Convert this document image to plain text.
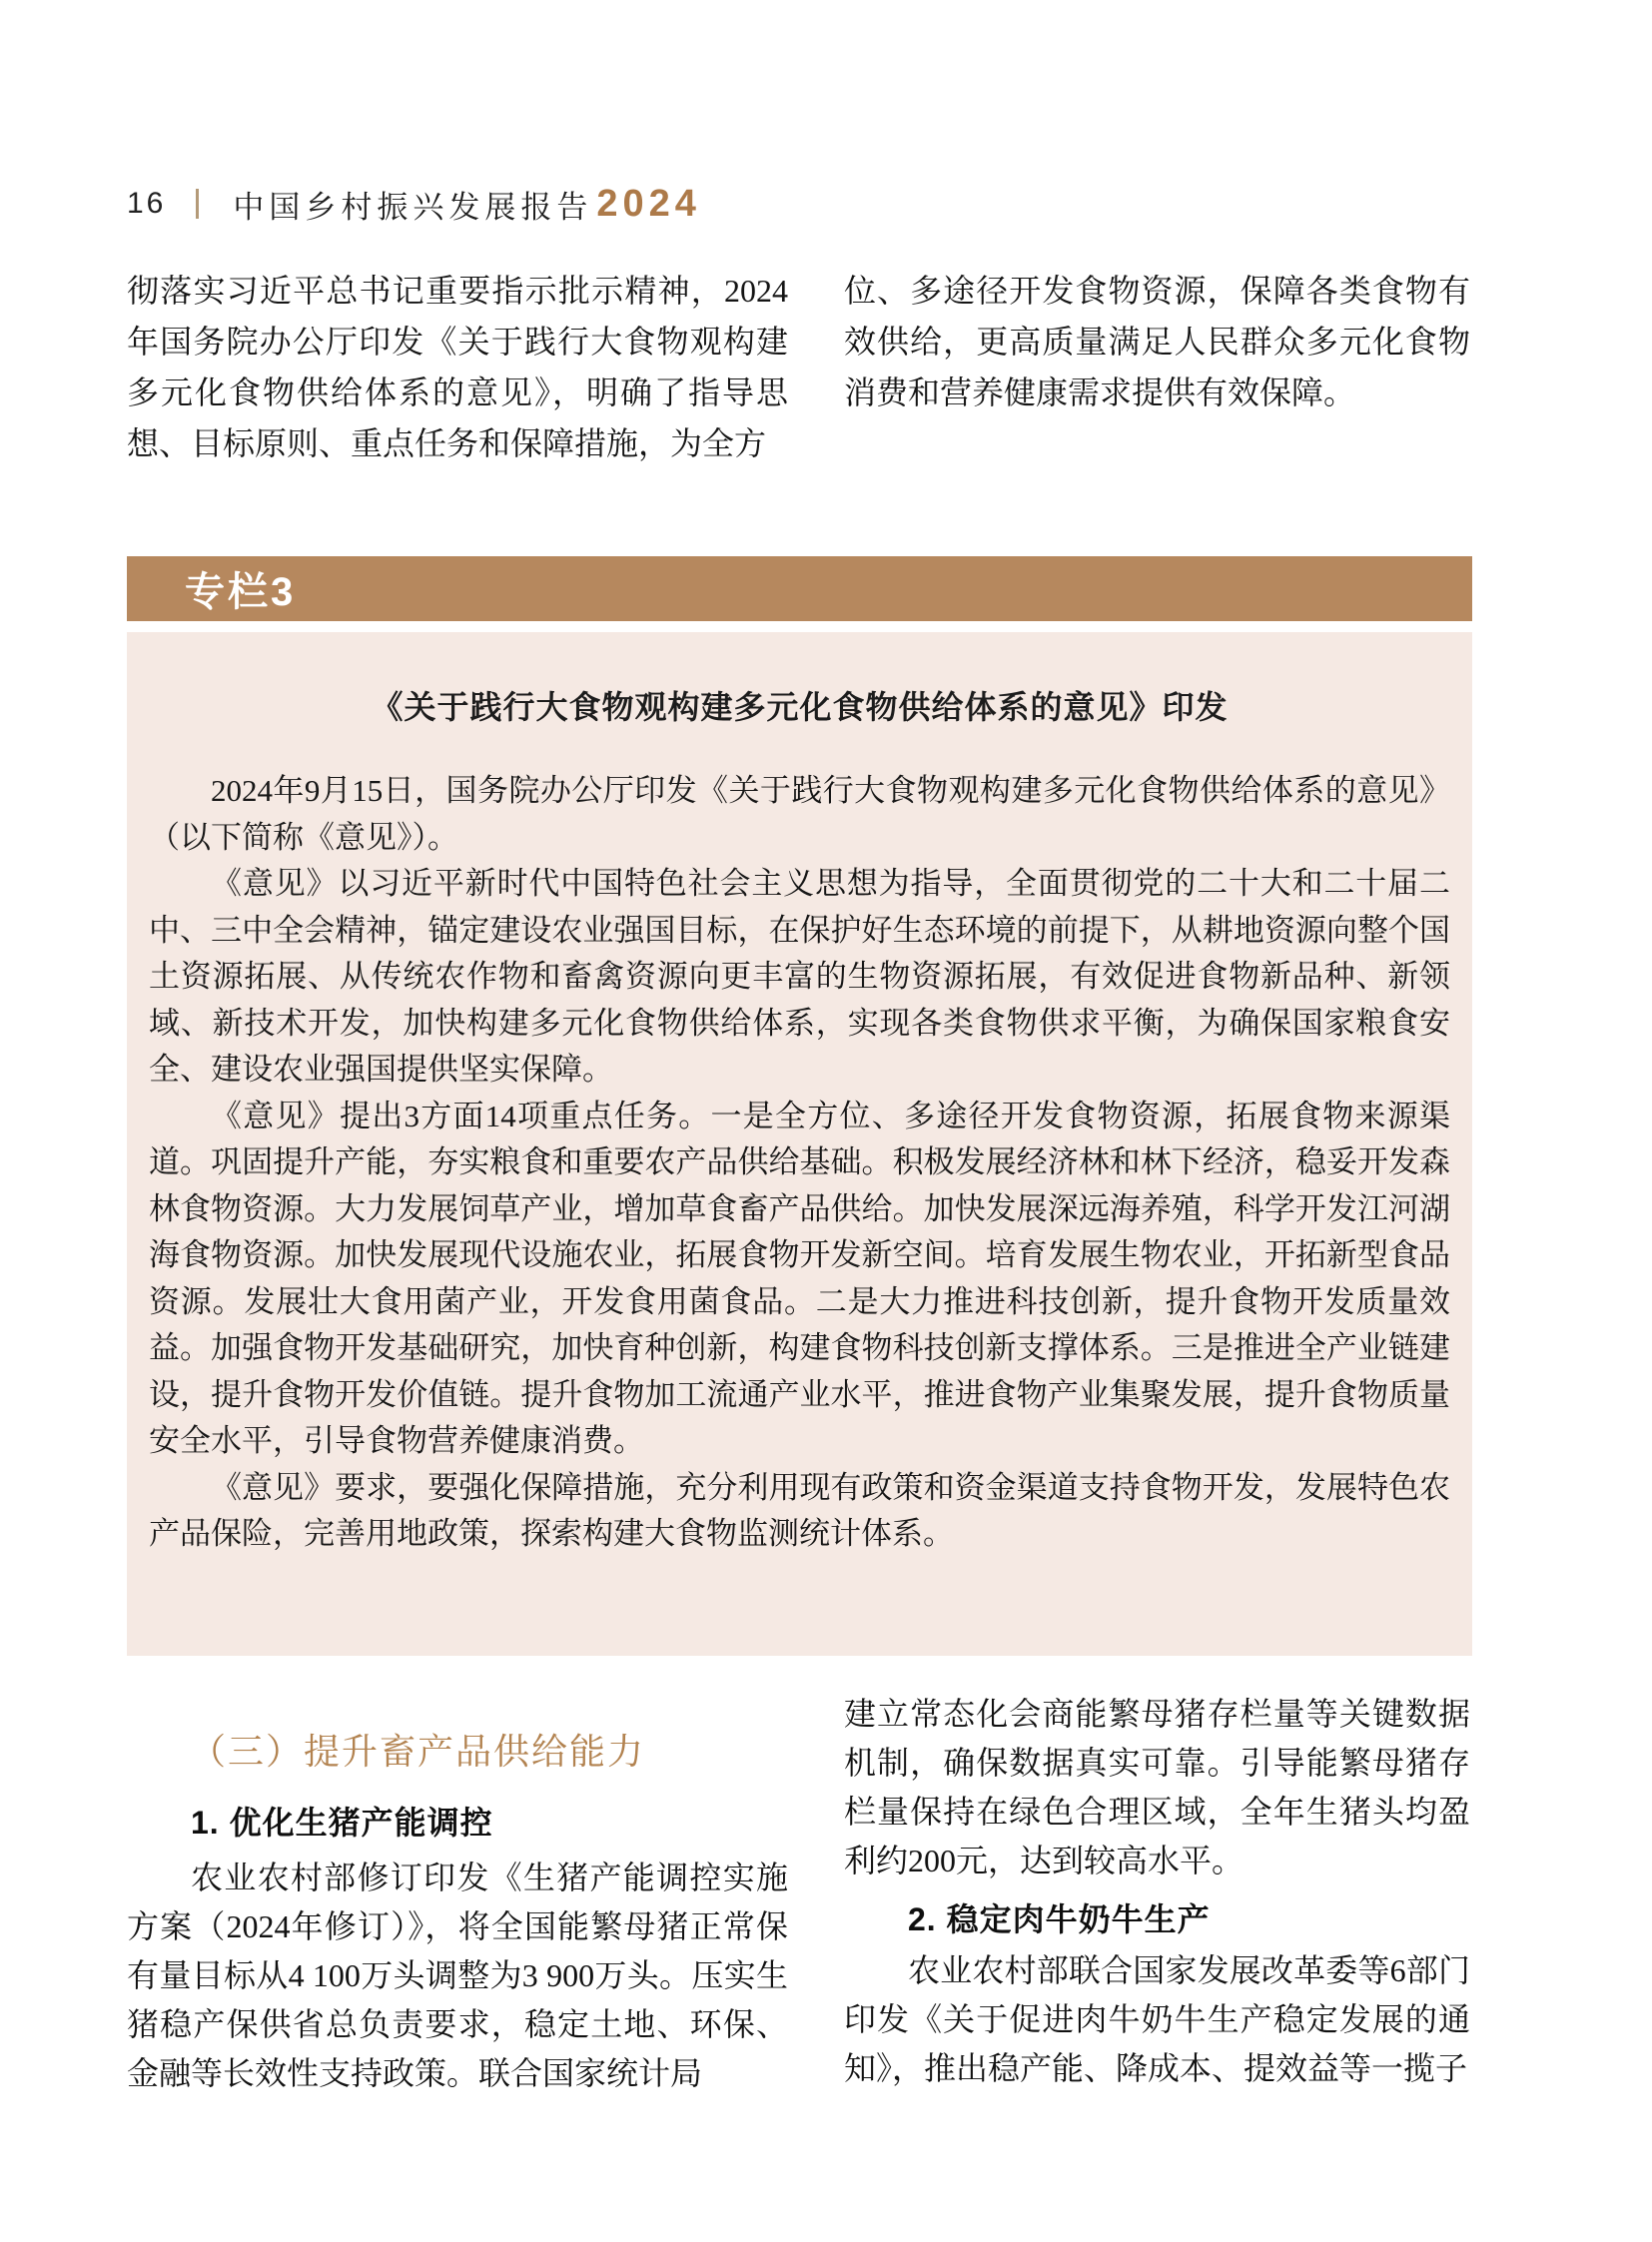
16 中国乡村振兴发展报告 2024
彻落实习近平总书记重要指示批示精神，2024年国务院办公厅印发《关于践行大食物观构建多元化食物供给体系的意见》，明确了指导思想、目标原则、重点任务和保障措施，为全方
位、多途径开发食物资源，保障各类食物有效供给，更高质量满足人民群众多元化食物消费和营养健康需求提供有效保障。
专栏3
《关于践行大食物观构建多元化食物供给体系的意见》印发

2024年9月15日，国务院办公厅印发《关于践行大食物观构建多元化食物供给体系的意见》（以下简称《意见》）。

《意见》以习近平新时代中国特色社会主义思想为指导，全面贯彻党的二十大和二十届二中、三中全会精神，锚定建设农业强国目标，在保护好生态环境的前提下，从耕地资源向整个国土资源拓展、从传统农作物和畜禽资源向更丰富的生物资源拓展，有效促进食物新品种、新领域、新技术开发，加快构建多元化食物供给体系，实现各类食物供求平衡，为确保国家粮食安全、建设农业强国提供坚实保障。

《意见》提出3方面14项重点任务。一是全方位、多途径开发食物资源，拓展食物来源渠道。巩固提升产能，夯实粮食和重要农产品供给基础。积极发展经济林和林下经济，稳妥开发森林食物资源。大力发展饲草产业，增加草食畜产品供给。加快发展深远海养殖，科学开发江河湖海食物资源。加快发展现代设施农业，拓展食物开发新空间。培育发展生物农业，开拓新型食品资源。发展壮大食用菌产业，开发食用菌食品。二是大力推进科技创新，提升食物开发质量效益。加强食物开发基础研究，加快育种创新，构建食物科技创新支撑体系。三是推进全产业链建设，提升食物开发价值链。提升食物加工流通产业水平，推进食物产业集聚发展，提升食物质量安全水平，引导食物营养健康消费。

《意见》要求，要强化保障措施，充分利用现有政策和资金渠道支持食物开发，发展特色农产品保险，完善用地政策，探索构建大食物监测统计体系。

（三）提升畜产品供给能力
1. 优化生猪产能调控
农业农村部修订印发《生猪产能调控实施方案（2024年修订）》，将全国能繁母猪正常保有量目标从4 100万头调整为3 900万头。压实生猪稳产保供省总负责要求，稳定土地、环保、金融等长效性支持政策。联合国家统计局

建立常态化会商能繁母猪存栏量等关键数据机制，确保数据真实可靠。引导能繁母猪存栏量保持在绿色合理区域，全年生猪头均盈利约200元，达到较高水平。

2. 稳定肉牛奶牛生产

农业农村部联合国家发展改革委等6部门印发《关于促进肉牛奶牛生产稳定发展的通知》，推出稳产能、降成本、提效益等一揽子
